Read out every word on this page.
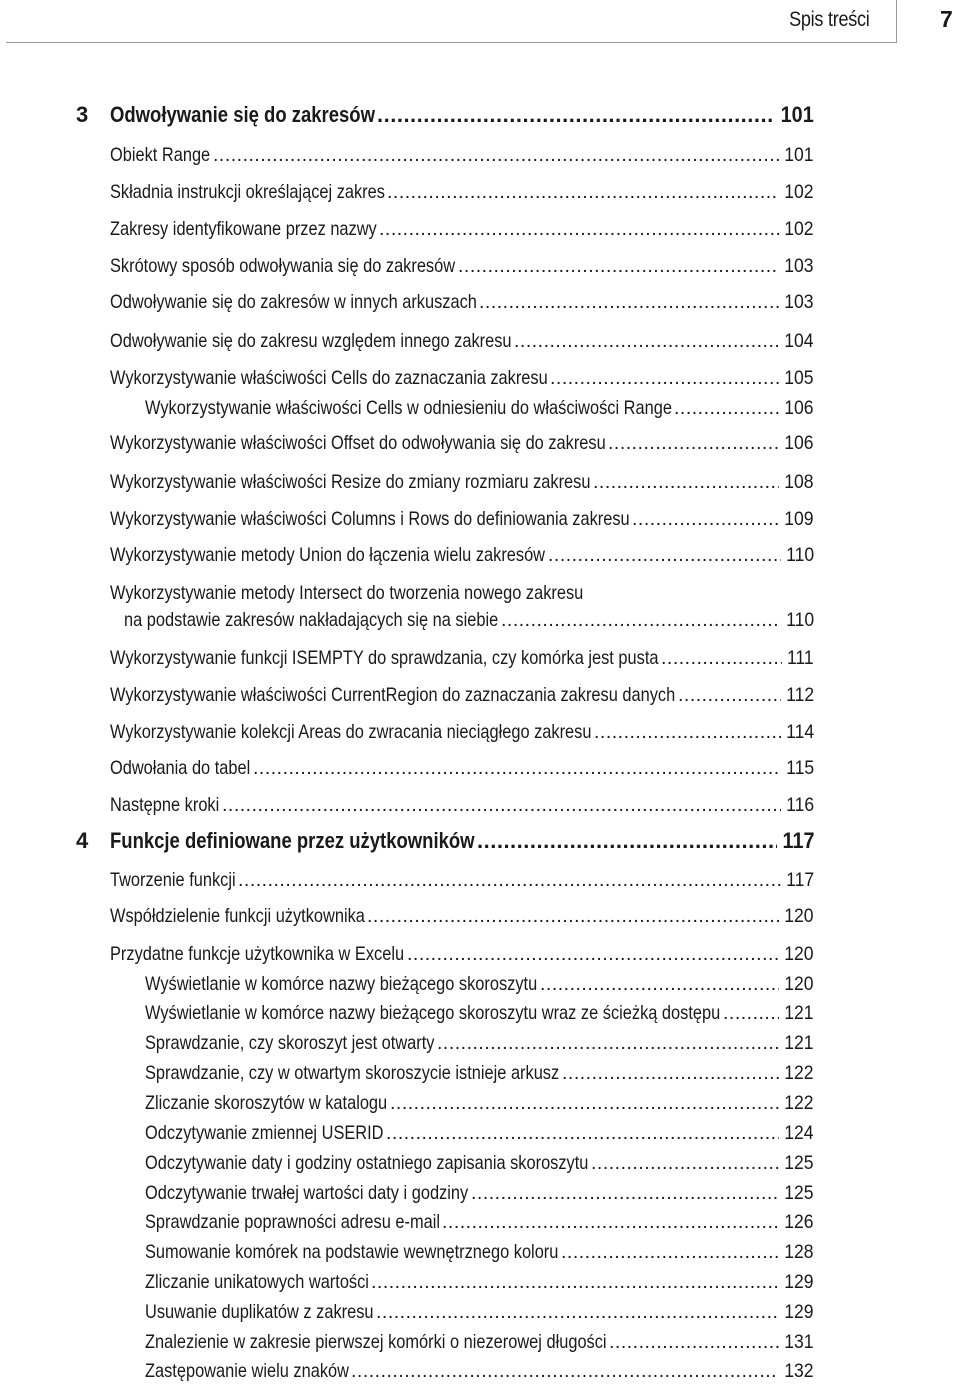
Spis treści	7
3 Odwoływanie się do zakresów .....	101
Obiekt Range .....	101
Składnia instrukcji określającej zakres .....	102
Zakresy identyfikowane przez nazwy .....	102
Skrótowy sposób odwoływania się do zakresów .....	103
Odwoływanie się do zakresów w innych arkuszach .....	103
Odwoływanie się do zakresu względem innego zakresu .....	104
Wykorzystywanie właściwości Cells do zaznaczania zakresu .....	105
Wykorzystywanie właściwości Cells w odniesieniu do właściwości Range .....	106
Wykorzystywanie właściwości Offset do odwoływania się do zakresu .....	106
Wykorzystywanie właściwości Resize do zmiany rozmiaru zakresu .....	108
Wykorzystywanie właściwości Columns i Rows do definiowania zakresu .....	109
Wykorzystywanie metody Union do łączenia wielu zakresów .....	110
Wykorzystywanie metody Intersect do tworzenia nowego zakresu
na podstawie zakresów nakładających się na siebie .....	110
Wykorzystywanie funkcji ISEMPTY do sprawdzania, czy komórka jest pusta .....	111
Wykorzystywanie właściwości CurrentRegion do zaznaczania zakresu danych .....	112
Wykorzystywanie kolekcji Areas do zwracania nieciągłego zakresu .....	114
Odwołania do tabel .....	115
Następne kroki .....	116
4 Funkcje definiowane przez użytkowników .....	117
Tworzenie funkcji .....	117
Współdzielenie funkcji użytkownika .....	120
Przydatne funkcje użytkownika w Excelu .....	120
Wyświetlanie w komórce nazwy bieżącego skoroszytu .....	120
Wyświetlanie w komórce nazwy bieżącego skoroszytu wraz ze ścieżką dostępu .....	121
Sprawdzanie, czy skoroszyt jest otwarty .....	121
Sprawdzanie, czy w otwartym skoroszycie istnieje arkusz .....	122
Zliczanie skoroszytów w katalogu .....	122
Odczytywanie zmiennej USERID .....	124
Odczytywanie daty i godziny ostatniego zapisania skoroszytu .....	125
Odczytywanie trwałej wartości daty i godziny .....	125
Sprawdzanie poprawności adresu e-mail .....	126
Sumowanie komórek na podstawie wewnętrznego koloru .....	128
Zliczanie unikatowych wartości .....	129
Usuwanie duplikatów z zakresu .....	129
Znalezienie w zakresie pierwszej komórki o niezerowej długości .....	131
Zastępowanie wielu znaków .....	132
